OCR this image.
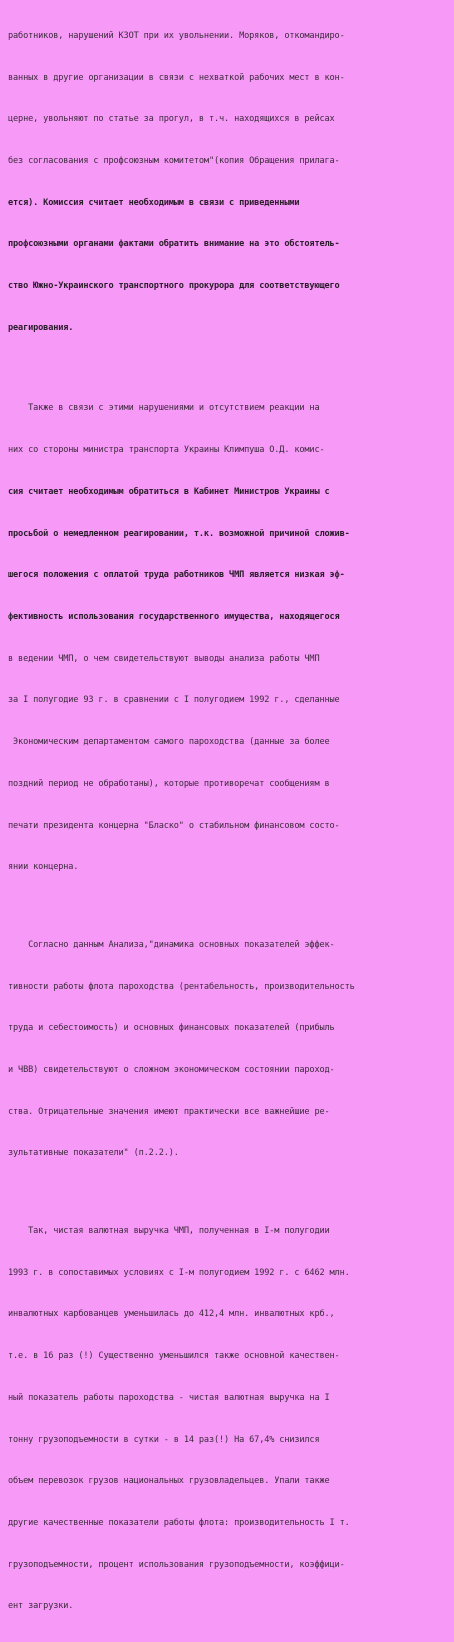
работников, нарушений КЗОТ при их увольнении. Моряков, откомандиро-

ванных в другие организации в связи с нехваткой рабочих мест в кон-

церне, увольняют по статье за прогул, в т.ч. находящихся в рейсах

без согласования с профсоюзным комитетом"(копия Обращения прилага-

ется). Комиссия считает необходимым в связи с приведенными

профсоюзными органами фактами обратить внимание на это обстоятель-

ство Южно-Украинского транспортного прокурора для соответствующего

реагирования.

Также в связи с этими нарушениями и отсутствием реакции на

них со стороны министра транспорта Украины Климпуша О.Д. комис-

сия считает необходимым обратиться в Кабинет Министров Украины с

просьбой о немедленном реагировании, т.к. возможной причиной сложив-

шегося положения с оплатой труда работников ЧМП является низкая эф-

фективность использования государственного имущества, находящегося

в ведении ЧМП, о чем свидетельствуют выводы анализа работы ЧМП

за I полугодие 93 г. в сравнении с I полугодием 1992 г., сделанные

Экономическим департаментом самого пароходства (данные за более

поздний период не обработаны), которые противоречат сообщениям в

печати президента концерна "Бласко" о стабильном финансовом состо-

янии концерна.

Согласно данным Анализа,"динамика основных показателей эффек-

тивности работы флота пароходства (рентабельность, производительность

труда и себестоимость) и основных финансовых показателей (прибыль

и ЧВВ) свидетельствуют о сложном экономическом состоянии пароход-

ства. Отрицательные значения имеют практически все важнейшие ре-

зультативные показатели" (п.2.2.).

Так, чистая валютная выручка ЧМП, полученная в I-м полугодии

1993 г. в сопоставимых условиях с I-м полугодием 1992 г. с 6462 млн.

инвалютных карбованцев уменьшилась до 412,4 млн. инвалютных крб.,

т.е. в 16 раз (!) Существенно уменьшился также основной качествен-

ный показатель работы пароходства - чистая валютная выручка на I

тонну грузоподъемности в сутки - в 14 раз(!) На 67,4% снизился

объем перевозок грузов национальных грузовладельцев. Упали также

другие качественные показатели работы флота: производительность I т.

грузоподъемности, процент использования грузоподъемности, коэффици-

ент загрузки.
